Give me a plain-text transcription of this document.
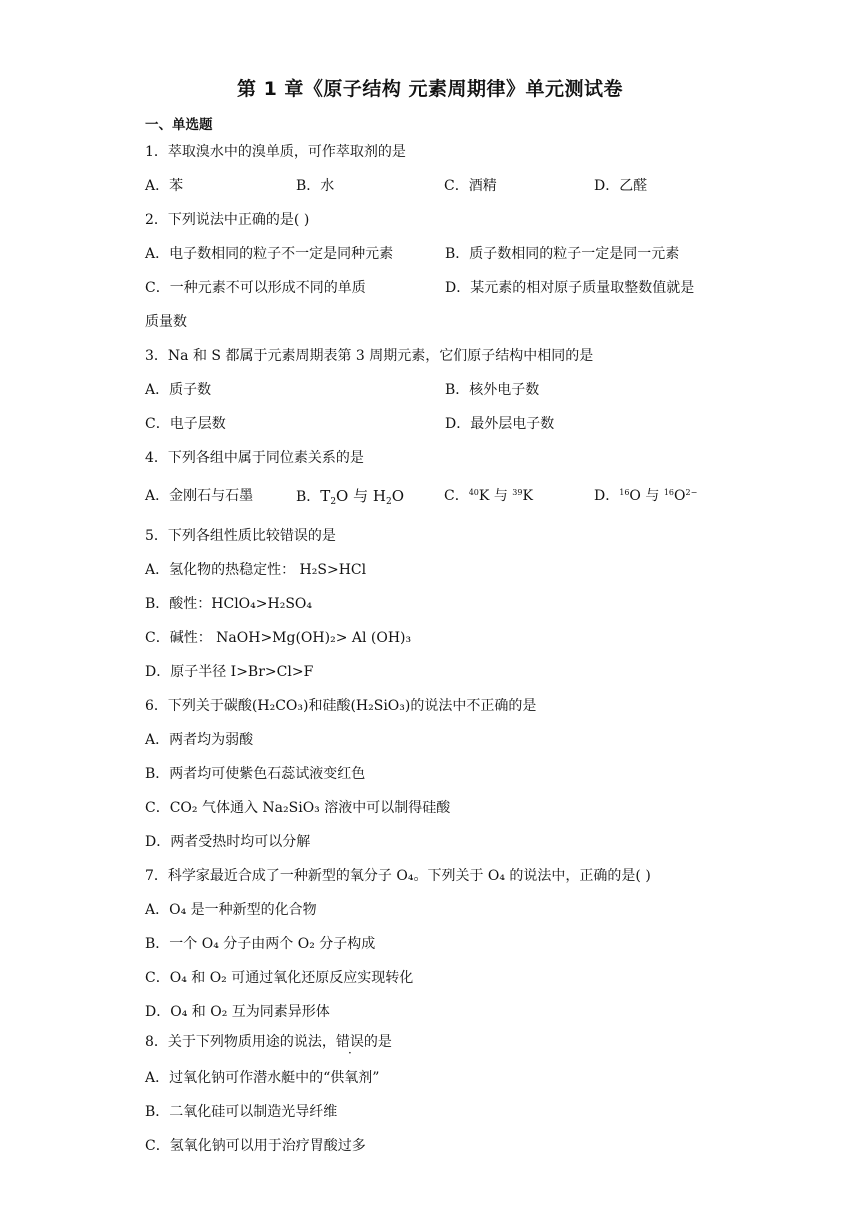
第 1 章《原子结构 元素周期律》单元测试卷
一、单选题
1．萃取溴水中的溴单质，可作萃取剂的是
A．苯	B．水	C．酒精	D．乙醛
2．下列说法中正确的是( )
A．电子数相同的粒子不一定是同种元素	B．质子数相同的粒子一定是同一元素
C．一种元素不可以形成不同的单质	D．某元素的相对原子质量取整数值就是
质量数
3．Na 和 S 都属于元素周期表第 3 周期元素，它们原子结构中相同的是
A．质子数	B．核外电子数
C．电子层数	D．最外层电子数
4．下列各组中属于同位素关系的是
A．金刚石与石墨	B．$T_2O$ 与 $H_2O$	C．$^{40}$K 与 $^{39}$K	D．$^{16}$O 与 $^{16}O^{2-}$
5．下列各组性质比较错误的是
A．氢化物的热稳定性： H₂S>HCl
B．酸性：HClO₄>H₂SO₄
C．碱性： NaOH>Mg(OH)₂> Al (OH)₃
D．原子半径 I>Br>Cl>F
6．下列关于碳酸(H₂CO₃)和硅酸(H₂SiO₃)的说法中不正确的是
A．两者均为弱酸
B．两者均可使紫色石蕊试液变红色
C．CO₂ 气体通入 Na₂SiO₃ 溶液中可以制得硅酸
D．两者受热时均可以分解
7．科学家最近合成了一种新型的氧分子 O₄。下列关于 O₄ 的说法中，正确的是( )
A．O₄ 是一种新型的化合物
B．一个 O₄ 分子由两个 O₂ 分子构成
C．O₄ 和 O₂ 可通过氧化还原反应实现转化
D．O₄ 和 O₂ 互为同素异形体
8．关于下列物质用途的说法，错误的是
A．过氧化钠可作潜水艇中的“供氧剂”
B．二氧化硅可以制造光导纤维
C．氢氧化钠可以用于治疗胃酸过多
